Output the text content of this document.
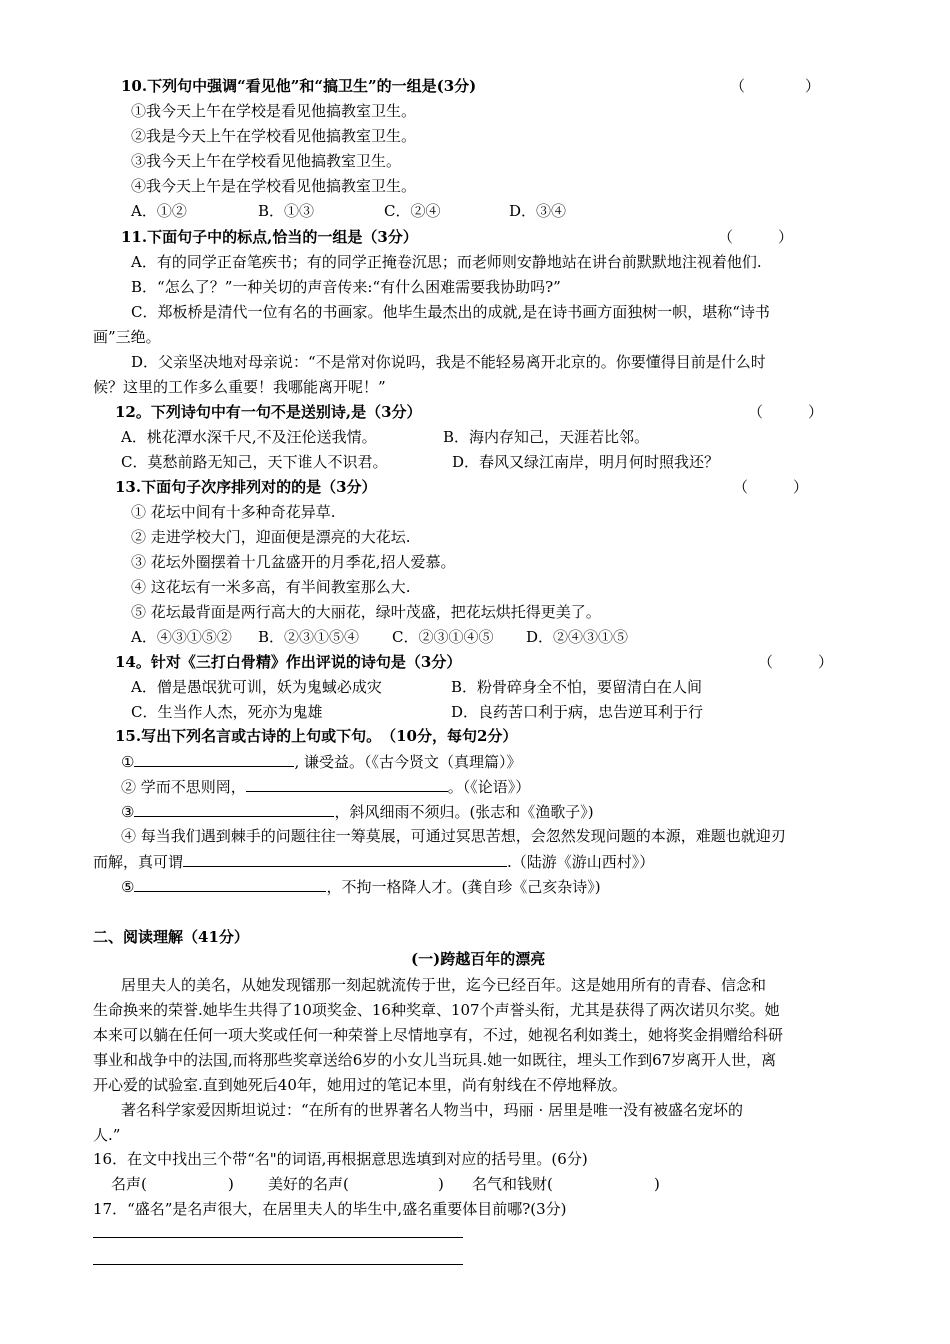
10.下列句中强调“看见他”和“搞卫生”的一组是(3分)	（　　　　）
①我今天上午在学校是看见他搞教室卫生。
②我是今天上午在学校看见他搞教室卫生。
③我今天上午在学校看见他搞教室卫生。
④我今天上午是在学校看见他搞教室卫生。
A．①②	B．①③	C．②④	D．③④
11.下面句子中的标点,恰当的一组是（3分）	（　　　）
A．有的同学正奋笔疾书；有的同学正掩卷沉思；而老师则安静地站在讲台前默默地注视着他们.
B．“怎么了？”一种关切的声音传来:“有什么困难需要我协助吗?”
C．郑板桥是清代一位有名的书画家。他毕生最杰出的成就,是在诗书画方面独树一帜，堪称“诗书
画”三绝。
D．父亲坚决地对母亲说：“不是常对你说吗，我是不能轻易离开北京的。你要懂得目前是什么时
候？这里的工作多么重要！我哪能离开呢！”
12。下列诗句中有一句不是送别诗,是（3分）	（　　　）
A．桃花潭水深千尺,不及汪伦送我情。	B．海内存知己，天涯若比邻。
C．莫愁前路无知己，天下谁人不识君。	D．春风又绿江南岸，明月何时照我还？
13.下面句子次序排列对的的是（3分）	（　　　）
① 花坛中间有十多种奇花异草.
② 走进学校大门，迎面便是漂亮的大花坛.
③ 花坛外圈摆着十几盆盛开的月季花,招人爱慕。
④ 这花坛有一米多高，有半间教室那么大.
⑤ 花坛最背面是两行高大的大丽花，绿叶茂盛，把花坛烘托得更美了。
A．④③①⑤② B．②③①⑤④ C．②③①④⑤ D．②④③①⑤
14。针对《三打白骨精》作出评说的诗句是（3分）	（　　　）
A．僧是愚氓犹可训，妖为鬼蜮必成灾	B．粉骨碎身全不怕，要留清白在人间
C．生当作人杰，死亦为鬼雄	D．良药苦口利于病，忠告逆耳利于行
15.写出下列名言或古诗的上句或下句。　（10分，每句2分）
①	, 谦受益。（《古今贤文（真理篇）》
② 学而不思则罔，	。（《论语》）
③	，斜风细雨不须归。(张志和《渔歌子》)
④ 每当我们遇到棘手的问题往往一筹莫展，可通过冥思苦想，会忽然发现问题的本源，难题也就迎刃
而解，真可谓	.（陆游《游山西村》）
⑤	，不拘一格降人才。(龚自珍《己亥杂诗》)
二、阅读理解（41分）
(一)跨越百年的漂亮
居里夫人的美名，从她发现镭那一刻起就流传于世，迄今已经百年。这是她用所有的青春、信念和
生命换来的荣誉.她毕生共得了10项奖金、16种奖章、107个声誉头衔，尤其是获得了两次诺贝尔奖。她
本来可以躺在任何一项大奖或任何一种荣誉上尽情地享有，不过，她视名利如粪土，她将奖金捐赠给科研
事业和战争中的法国,而将那些奖章送给6岁的小女儿当玩具.她一如既往，埋头工作到67岁离开人世，离
开心爱的试验室.直到她死后40年，她用过的笔记本里，尚有射线在不停地释放。
著名科学家爱因斯坦说过：“在所有的世界著名人物当中，玛丽 · 居里是唯一没有被盛名宠坏的
人.”
16．在文中找出三个带“名"的词语,再根据意思选填到对应的括号里。(6分)
名声(	) 美好的名声(	) 名气和钱财(	)
17．“盛名”是名声很大，在居里夫人的毕生中,盛名重要体目前哪?(3分)
